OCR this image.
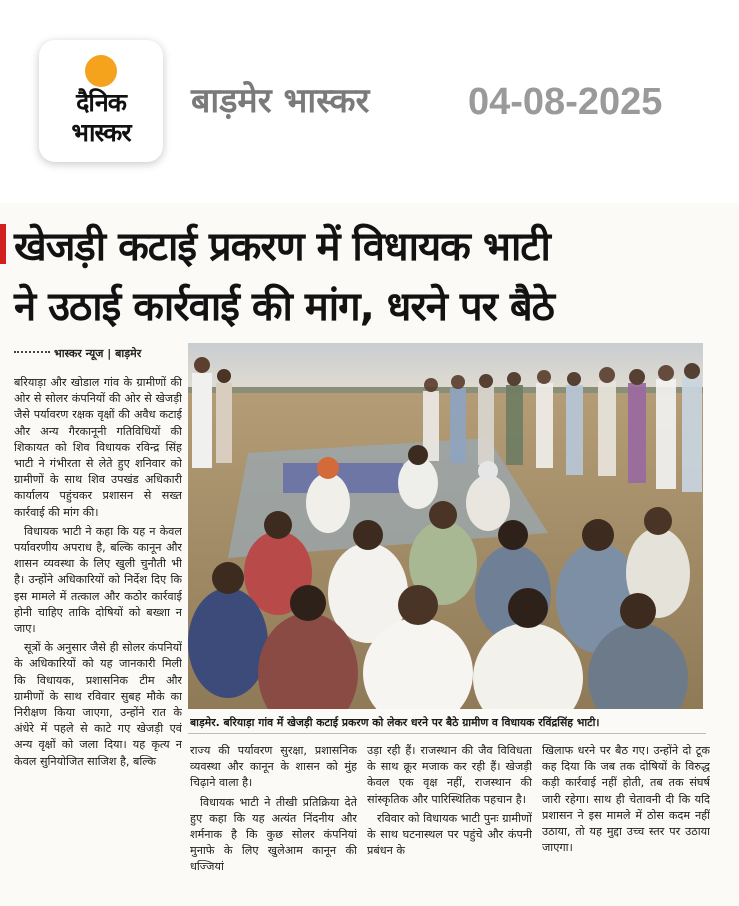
दैनिक
भास्कर
बाड़मेर भास्कर	04-08-2025
खेजड़ी कटाई प्रकरण में विधायक भाटी
ने उठाई कार्रवाई की मांग, धरने पर बैठे
भास्कर न्यूज | बाड़मेर

बरियाड़ा और खोडाल गांव के ग्रामीणों की ओर से सोलर कंपनियों की ओर से खेजड़ी जैसे पर्यावरण रक्षक वृक्षों की अवैध कटाई और अन्य गैरकानूनी गतिविधियों की शिकायत को शिव विधायक रविन्द्र सिंह भाटी ने गंभीरता से लेते हुए शनिवार को ग्रामीणों के साथ शिव उपखंड अधिकारी कार्यालय पहुंचकर प्रशासन से सख्त कार्रवाई की मांग की।

विधायक भाटी ने कहा कि यह न केवल पर्यावरणीय अपराध है, बल्कि कानून और शासन व्यवस्था के लिए खुली चुनौती भी है। उन्होंने अधिकारियों को निर्देश दिए कि इस मामले में तत्काल और कठोर कार्रवाई होनी चाहिए ताकि दोषियों को बख्शा न जाए।

सूत्रों के अनुसार जैसे ही सोलर कंपनियों के अधिकारियों को यह जानकारी मिली कि विधायक, प्रशासनिक टीम और ग्रामीणों के साथ रविवार सुबह मौके का निरीक्षण किया जाएगा, उन्होंने रात के अंधेरे में पहले से काटे गए खेजड़ी एवं अन्य वृक्षों को जला दिया। यह कृत्य न केवल सुनियोजित साजिश है, बल्कि

बाड़मेर. बरियाड़ा गांव में खेजड़ी कटाई प्रकरण को लेकर धरने पर बैठे ग्रामीण व विधायक रविंद्रसिंह भाटी।

राज्य की पर्यावरण सुरक्षा, प्रशासनिक व्यवस्था और कानून के शासन को मुंह चिढ़ाने वाला है।

विधायक भाटी ने तीखी प्रतिक्रिया देते हुए कहा कि यह अत्यंत निंदनीय और शर्मनाक है कि कुछ सोलर कंपनियां मुनाफे के लिए खुलेआम कानून की धज्जियां

उड़ा रही हैं। राजस्थान की जैव विविधता के साथ क्रूर मजाक कर रही हैं। खेजड़ी केवल एक वृक्ष नहीं, राजस्थान की सांस्कृतिक और पारिस्थितिक पहचान है।

रविवार को विधायक भाटी पुनः ग्रामीणों के साथ घटनास्थल पर पहुंचे और कंपनी प्रबंधन के

खिलाफ धरने पर बैठ गए। उन्होंने दो टूक कह दिया कि जब तक दोषियों के विरुद्ध कड़ी कार्रवाई नहीं होती, तब तक संघर्ष जारी रहेगा। साथ ही चेतावनी दी कि यदि प्रशासन ने इस मामले में ठोस कदम नहीं उठाया, तो यह मुद्दा उच्च स्तर पर उठाया जाएगा।
